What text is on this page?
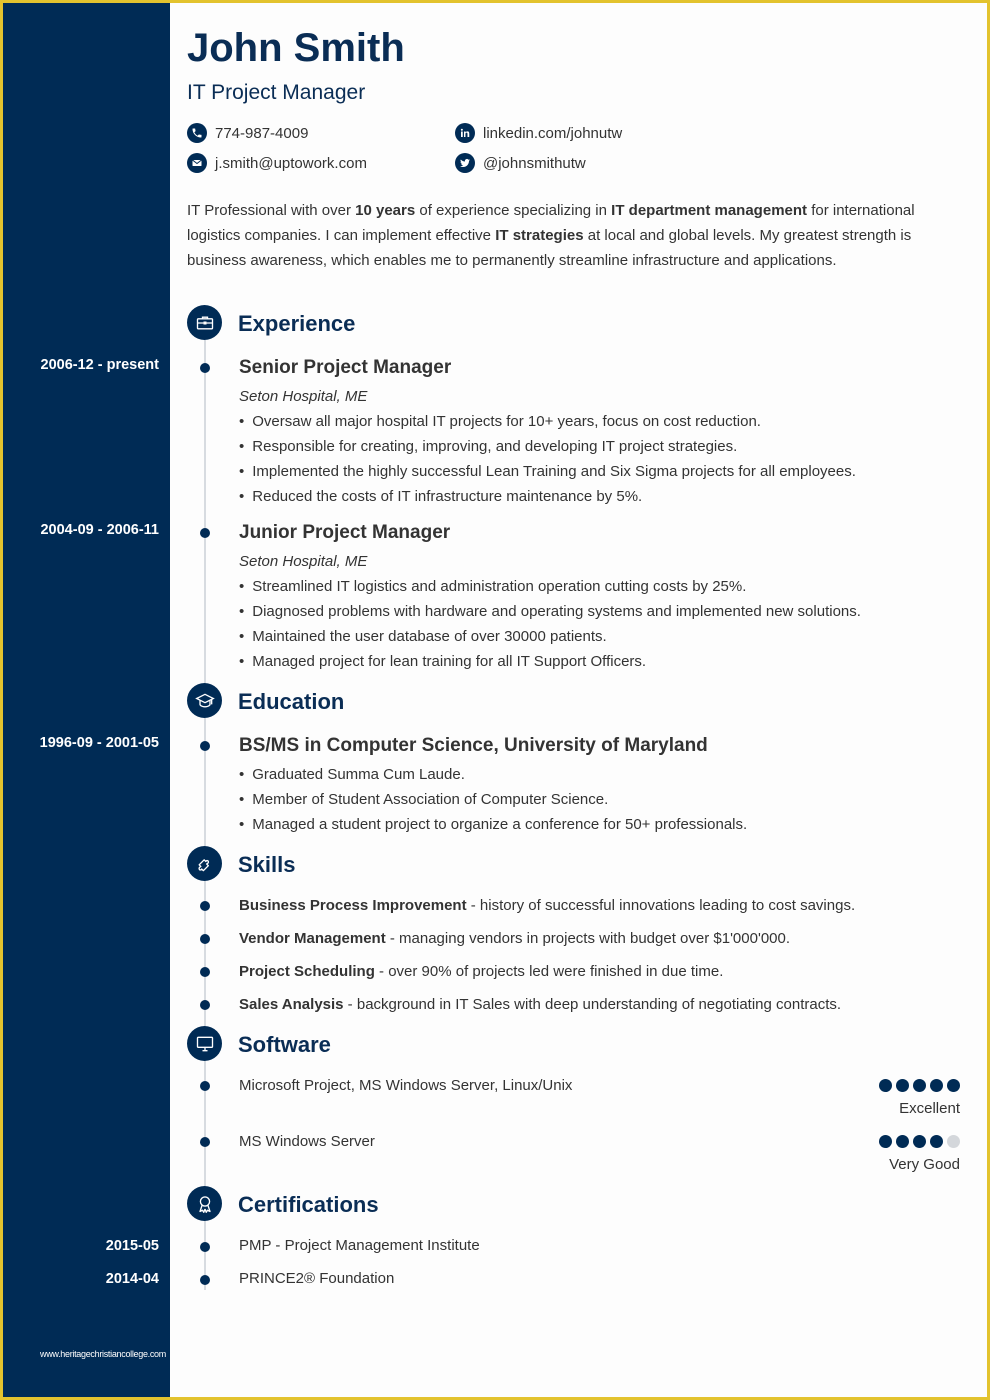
John Smith
IT Project Manager
774-987-4009
j.smith@uptowork.com
linkedin.com/johnutw
@johnsmithutw
IT Professional with over 10 years of experience specializing in IT department management for international logistics companies. I can implement effective IT strategies at local and global levels. My greatest strength is business awareness, which enables me to permanently streamline infrastructure and applications.
Experience
2006-12 - present	Senior Project Manager
Seton Hospital, ME
• Oversaw all major hospital IT projects for 10+ years, focus on cost reduction.
• Responsible for creating, improving, and developing IT project strategies.
• Implemented the highly successful Lean Training and Six Sigma projects for all employees.
• Reduced the costs of IT infrastructure maintenance by 5%.
2004-09 - 2006-11	Junior Project Manager
Seton Hospital, ME
• Streamlined IT logistics and administration operation cutting costs by 25%.
• Diagnosed problems with hardware and operating systems and implemented new solutions.
• Maintained the user database of over 30000 patients.
• Managed project for lean training for all IT Support Officers.
Education
1996-09 - 2001-05	BS/MS in Computer Science, University of Maryland
• Graduated Summa Cum Laude.
• Member of Student Association of Computer Science.
• Managed a student project to organize a conference for 50+ professionals.
Skills
Business Process Improvement - history of successful innovations leading to cost savings.
Vendor Management - managing vendors in projects with budget over $1'000'000.
Project Scheduling - over 90% of projects led were finished in due time.
Sales Analysis - background in IT Sales with deep understanding of negotiating contracts.
Software
Microsoft Project, MS Windows Server, Linux/Unix
Excellent
MS Windows Server
Very Good
Certifications
2015-05	PMP - Project Management Institute
2014-04	PRINCE2® Foundation
www.heritagechristiancollege.com
